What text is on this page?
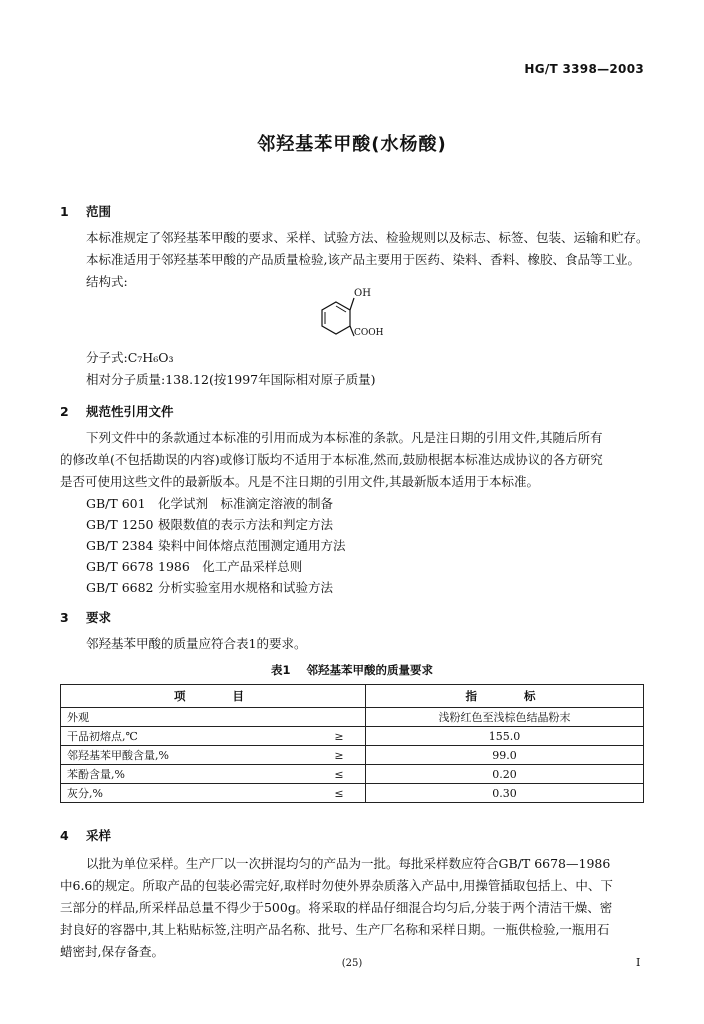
HG/T 3398—2003
邻羟基苯甲酸(水杨酸)
1 范围
本标准规定了邻羟基苯甲酸的要求、采样、试验方法、检验规则以及标志、标签、包装、运输和贮存。
本标准适用于邻羟基苯甲酸的产品质量检验,该产品主要用于医药、染料、香料、橡胶、食品等工业。
结构式:
OH
COOH
分子式:C₇H₆O₃
相对分子质量:138.12(按1997年国际相对原子质量)
2 规范性引用文件
下列文件中的条款通过本标准的引用而成为本标准的条款。凡是注日期的引用文件,其随后所有
的修改单(不包括勘误的内容)或修订版均不适用于本标准,然而,鼓励根据本标准达成协议的各方研究
是否可使用这些文件的最新版本。凡是不注日期的引用文件,其最新版本适用于本标准。
GB/T 601 化学试剂　标准滴定溶液的制备
GB/T 1250 极限数值的表示方法和判定方法
GB/T 2384 染料中间体熔点范围测定通用方法
GB/T 6678 1986　化工产品采样总则
GB/T 6682 分析实验室用水规格和试验方法
3 要求
邻羟基苯甲酸的质量应符合表1的要求。
表1 邻羟基苯甲酸的质量要求
项　　目		指　　标
外观		浅粉红色至浅棕色结晶粉末
干品初熔点,℃	≥	155.0
邻羟基苯甲酸含量,%	≥	99.0
苯酚含量,%	≤	0.20
灰分,%	≤	0.30
4 采样
以批为单位采样。生产厂以一次拼混均匀的产品为一批。每批采样数应符合GB/T 6678—1986
中6.6的规定。所取产品的包装必需完好,取样时勿使外界杂质落入产品中,用操管插取包括上、中、下
三部分的样品,所采样品总量不得少于500g。将采取的样品仔细混合均匀后,分装于两个清洁干燥、密
封良好的容器中,其上粘贴标签,注明产品名称、批号、生产厂名称和采样日期。一瓶供检验,一瓶用石
蜡密封,保存备查。
(25)	I
